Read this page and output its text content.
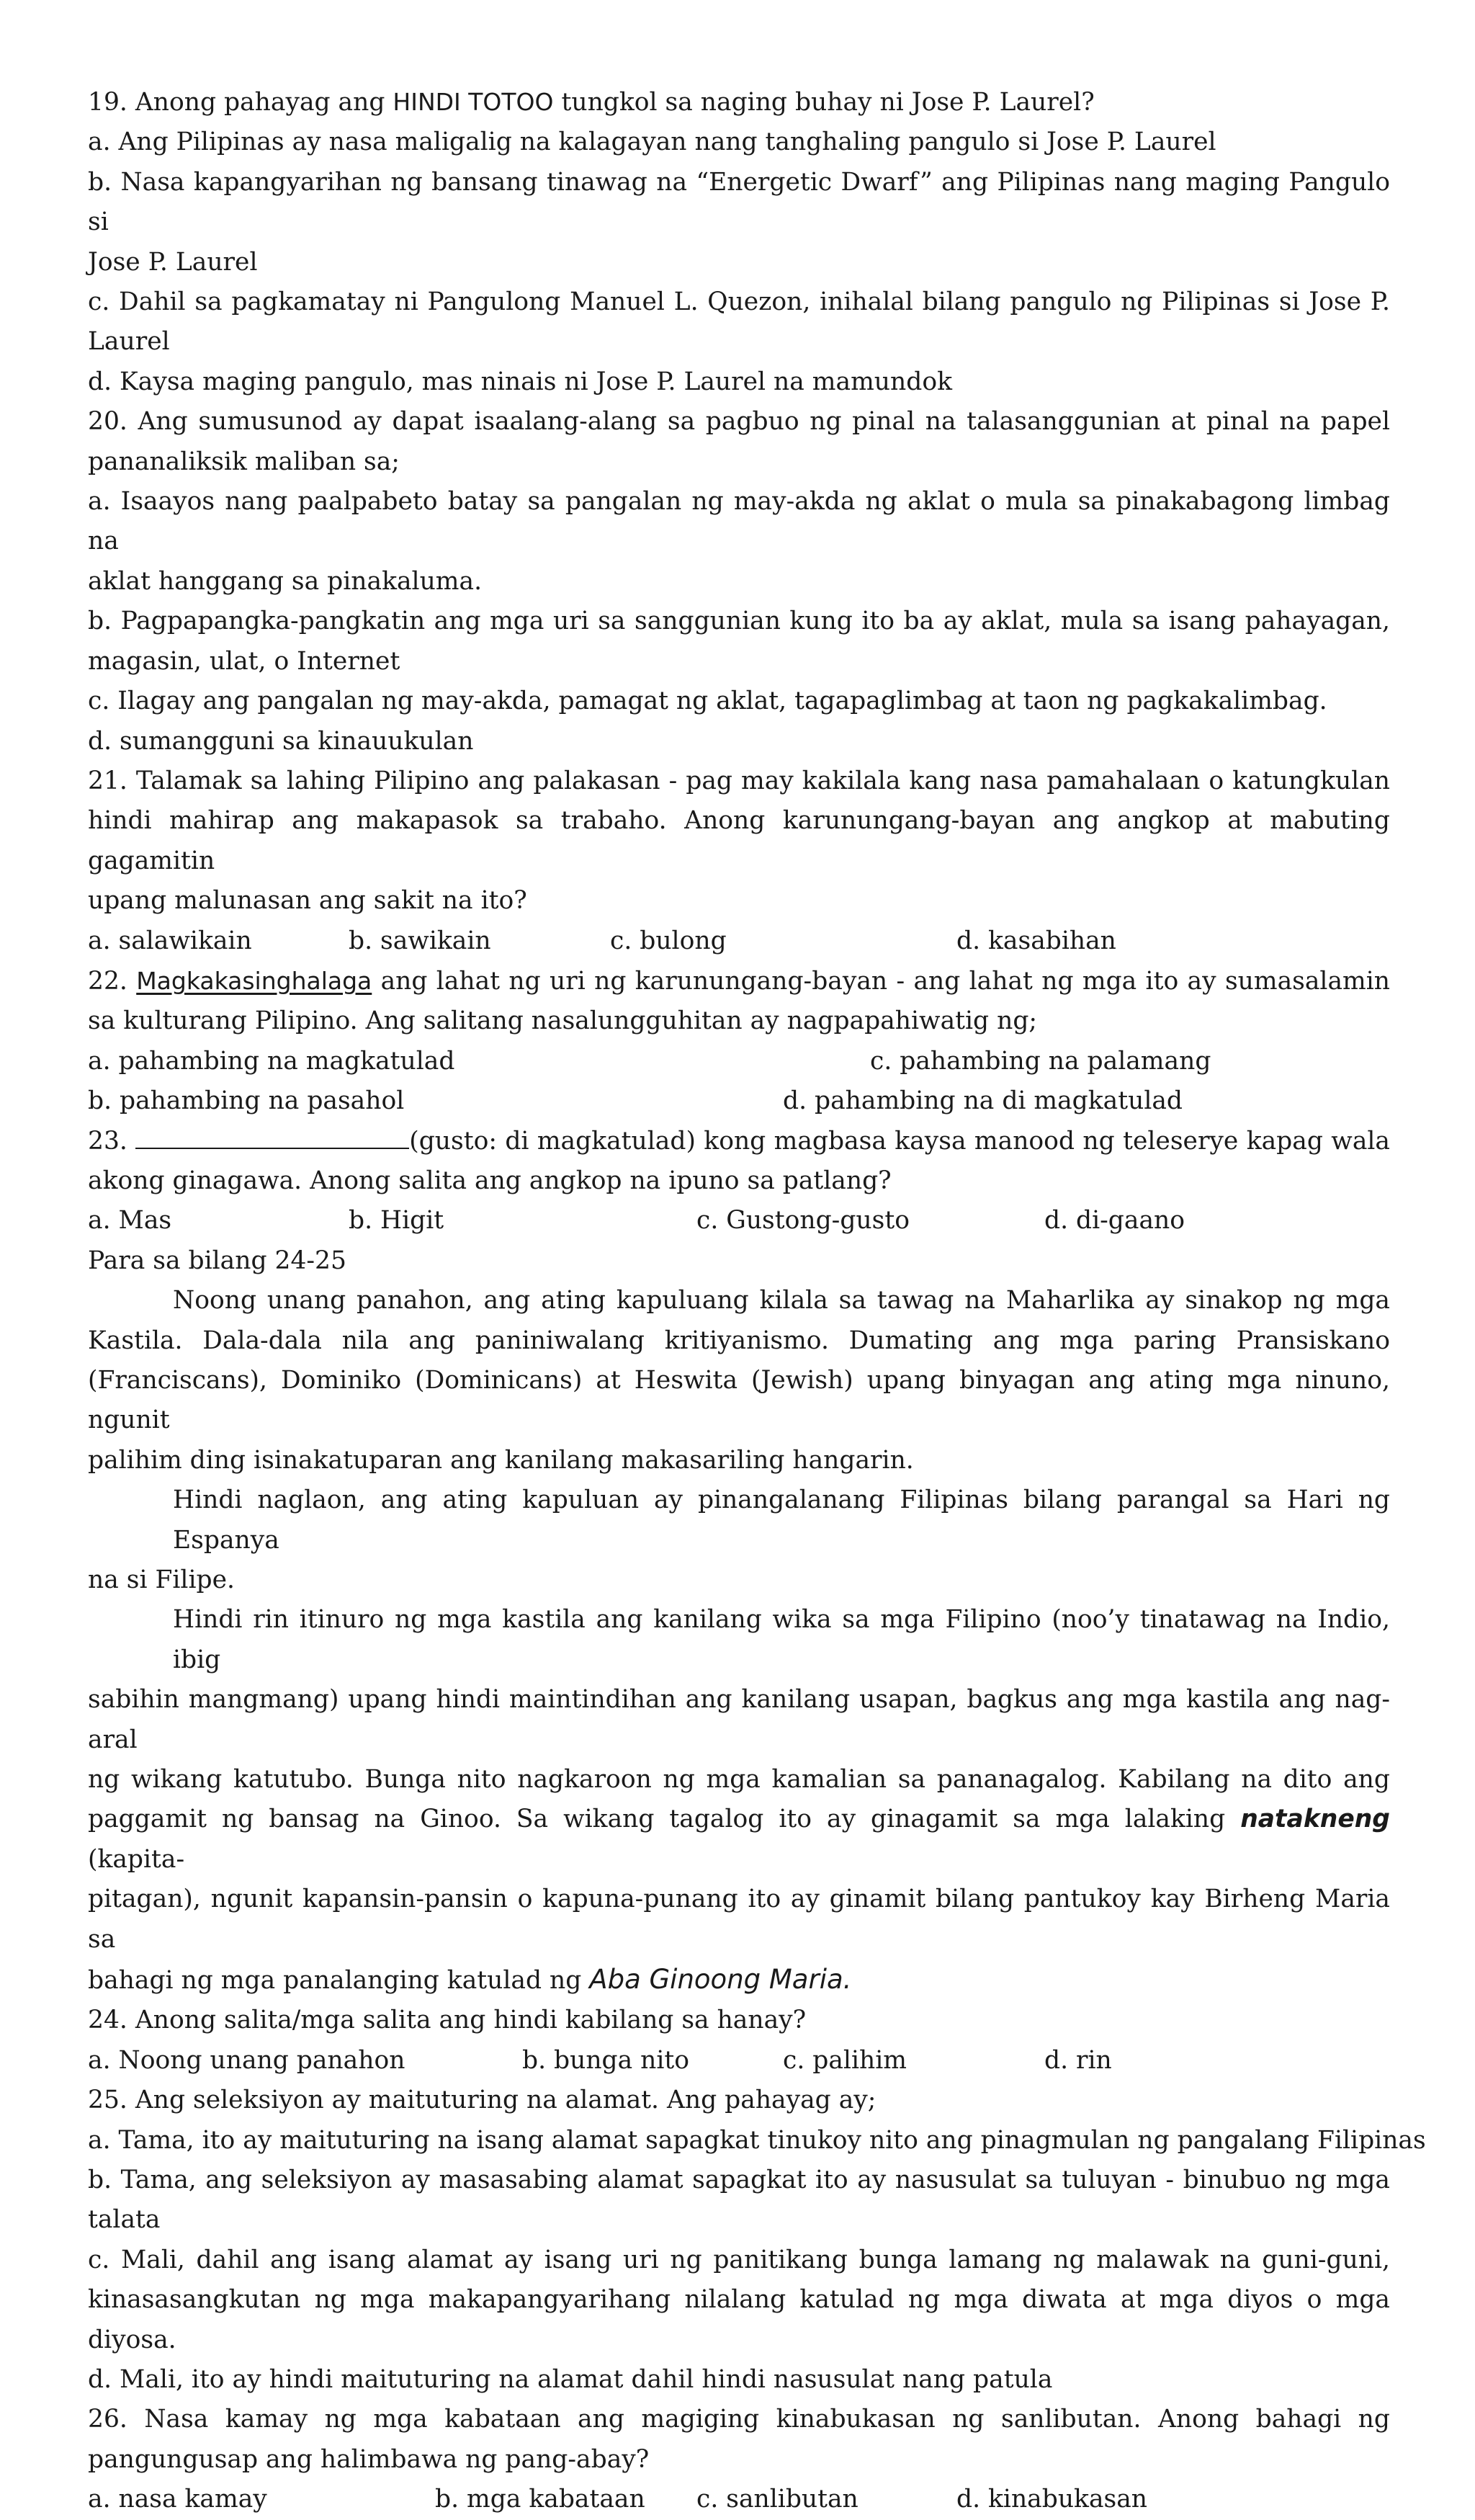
19. Anong pahayag ang HINDI TOTOO tungkol sa naging buhay ni Jose P. Laurel?
a. Ang Pilipinas ay nasa maligalig na kalagayan nang tanghaling pangulo si Jose P. Laurel
b. Nasa kapangyarihan ng bansang tinawag na “Energetic Dwarf” ang Pilipinas nang maging Pangulo si
Jose P. Laurel
c. Dahil sa pagkamatay ni Pangulong Manuel L. Quezon, inihalal bilang pangulo ng Pilipinas si Jose P.
Laurel
d. Kaysa maging pangulo, mas ninais ni Jose P. Laurel na mamundok
20. Ang sumusunod ay dapat isaalang-alang sa pagbuo ng pinal na talasanggunian at pinal na papel
pananaliksik maliban sa;
a. Isaayos nang paalpabeto batay sa pangalan ng may-akda ng aklat o mula sa pinakabagong limbag na
aklat hanggang sa pinakaluma.
b. Pagpapangka-pangkatin ang mga uri sa sanggunian kung ito ba ay aklat, mula sa isang pahayagan,
magasin, ulat, o Internet
c. Ilagay ang pangalan ng may-akda, pamagat ng aklat, tagapaglimbag at taon ng pagkakalimbag.
d. sumangguni sa kinauukulan
21. Talamak sa lahing Pilipino ang palakasan - pag may kakilala kang nasa pamahalaan o katungkulan
hindi mahirap ang makapasok sa trabaho. Anong karunungang-bayan ang angkop at mabuting gagamitin
upang malunasan ang sakit na ito?
a. salawikain	b. sawikain	c. bulong	d. kasabihan
22. Magkakasinghalaga ang lahat ng uri ng karunungang-bayan - ang lahat ng mga ito ay sumasalamin
sa kulturang Pilipino. Ang salitang nasalungguhitan ay nagpapahiwatig ng;
a. pahambing na magkatulad	c. pahambing na palamang
b. pahambing na pasahol	d. pahambing na di magkatulad
23.	(gusto: di magkatulad) kong magbasa kaysa manood ng teleserye kapag wala
akong ginagawa. Anong salita ang angkop na ipuno sa patlang?
a. Mas	b. Higit	c. Gustong-gusto	d. di-gaano
Para sa bilang 24-25
Noong unang panahon, ang ating kapuluang kilala sa tawag na Maharlika ay sinakop ng mga
Kastila. Dala-dala nila ang paniniwalang kritiyanismo. Dumating ang mga paring Pransiskano
(Franciscans), Dominiko (Dominicans) at Heswita (Jewish) upang binyagan ang ating mga ninuno, ngunit
palihim ding isinakatuparan ang kanilang makasariling hangarin.
Hindi naglaon, ang ating kapuluan ay pinangalanang Filipinas bilang parangal sa Hari ng Espanya
na si Filipe.
Hindi rin itinuro ng mga kastila ang kanilang wika sa mga Filipino (noo’y tinatawag na Indio, ibig
sabihin mangmang) upang hindi maintindihan ang kanilang usapan, bagkus ang mga kastila ang nag-aral
ng wikang katutubo. Bunga nito nagkaroon ng mga kamalian sa pananagalog. Kabilang na dito ang
paggamit ng bansag na Ginoo. Sa wikang tagalog ito ay ginagamit sa mga lalaking natakneng (kapita-
pitagan), ngunit kapansin-pansin o kapuna-punang ito ay ginamit bilang pantukoy kay Birheng Maria sa
bahagi ng mga panalanging katulad ng Aba Ginoong Maria.
24. Anong salita/mga salita ang hindi kabilang sa hanay?
a. Noong unang panahon	b. bunga nito	c. palihim	d. rin
25. Ang seleksiyon ay maituturing na alamat. Ang pahayag ay;
a. Tama, ito ay maituturing na isang alamat sapagkat tinukoy nito ang pinagmulan ng pangalang Filipinas
b. Tama, ang seleksiyon ay masasabing alamat sapagkat ito ay nasusulat sa tuluyan - binubuo ng mga
talata
c. Mali, dahil ang isang alamat ay isang uri ng panitikang bunga lamang ng malawak na guni-guni,
kinasasangkutan ng mga makapangyarihang nilalang katulad ng mga diwata at mga diyos o mga diyosa.
d. Mali, ito ay hindi maituturing na alamat dahil hindi nasusulat nang patula
26. Nasa kamay ng mga kabataan ang magiging kinabukasan ng sanlibutan. Anong bahagi ng
pangungusap ang halimbawa ng pang-abay?
a. nasa kamay	b. mga kabataan c. sanlibutan	d. kinabukasan
